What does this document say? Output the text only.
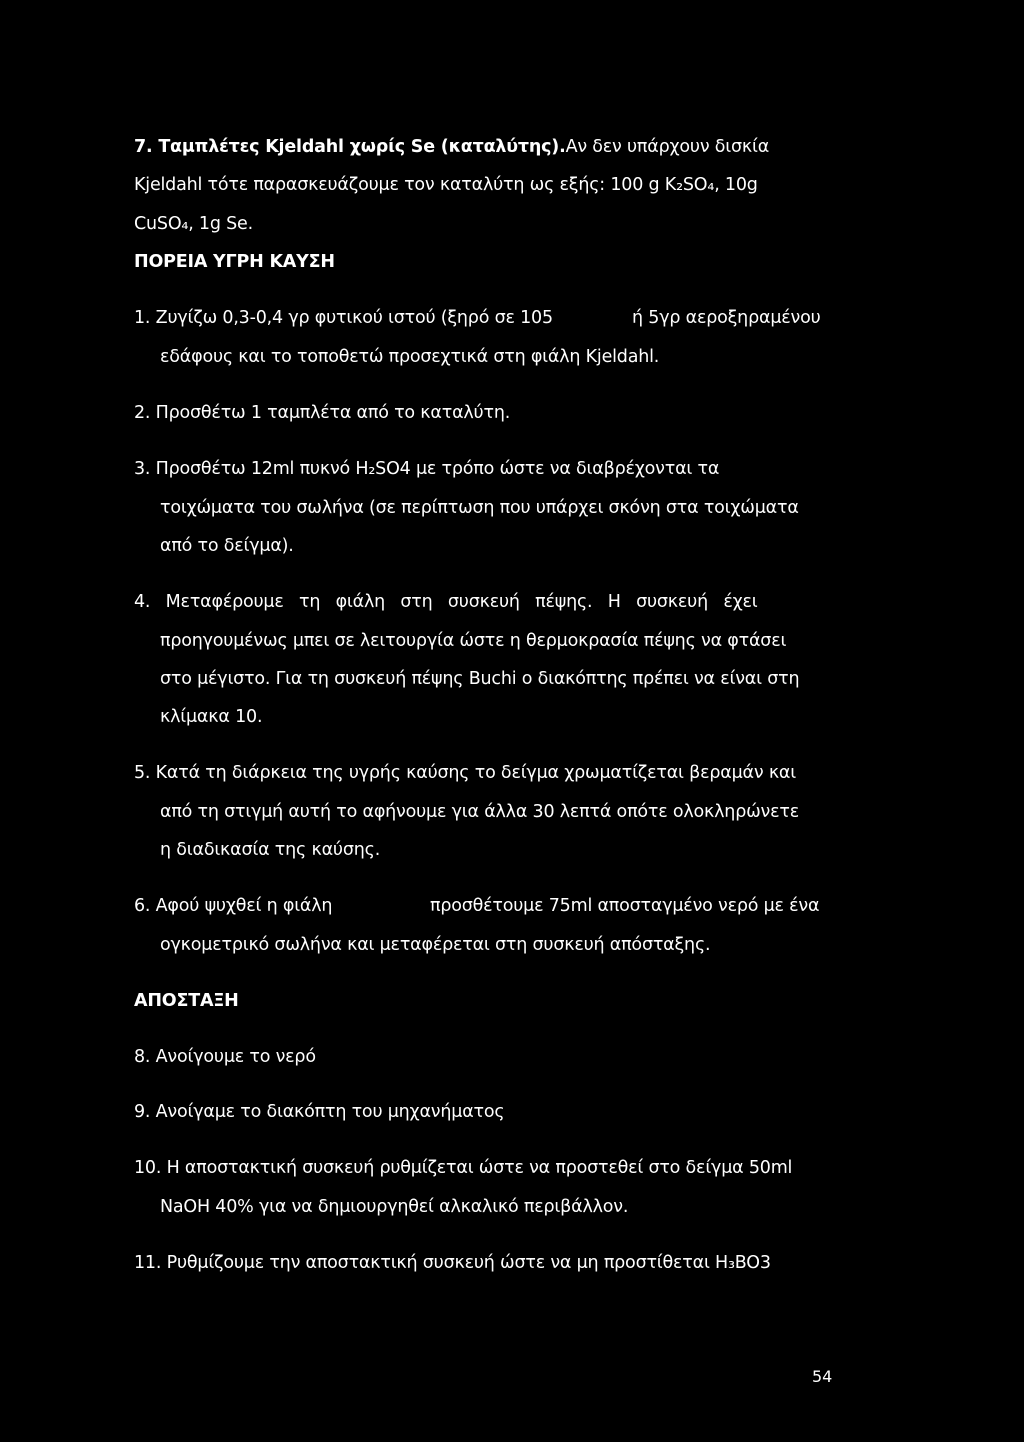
7. Ταμπλέτες Kjeldahl χωρίς Se (καταλύτης).Αν δεν υπάρχουν δισκία
Kjeldahl τότε παρασκευάζουμε τον καταλύτη ως εξής: 100 g K₂SO₄, 10g
CuSO₄, 1g Se.
ΠΟΡΕΙΑ ΥΓΡΗ ΚΑΥΣΗ
1. Ζυγίζω 0,3-0,4 γρ φυτικού ιστού (ξηρό σε 105	ή 5γρ αεροξηραμένου
εδάφους και το τοποθετώ προσεχτικά στη φιάλη Kjeldahl.
2. Προσθέτω 1 ταμπλέτα από το καταλύτη.
3. Προσθέτω 12ml πυκνό H₂SO4 με τρόπο ώστε να διαβρέχονται τα
τοιχώματα του σωλήνα (σε περίπτωση που υπάρχει σκόνη στα τοιχώματα
από το δείγμα).
4. Μεταφέρουμε τη φιάλη στη συσκευή πέψης. Η συσκευή έχει
προηγουμένως μπει σε λειτουργία ώστε η θερμοκρασία πέψης να φτάσει
στο μέγιστο. Για τη συσκευή πέψης Buchi ο διακόπτης πρέπει να είναι στη
κλίμακα 10.
5. Κατά τη διάρκεια της υγρής καύσης το δείγμα χρωματίζεται βεραμάν και
από τη στιγμή αυτή το αφήνουμε για άλλα 30 λεπτά οπότε ολοκληρώνετε
η διαδικασία της καύσης.
6. Αφού ψυχθεί η φιάλη	προσθέτουμε 75ml αποσταγμένο νερό με ένα
ογκομετρικό σωλήνα και μεταφέρεται στη συσκευή απόσταξης.
ΑΠΟΣΤΑΞΗ
8. Ανοίγουμε το νερό
9. Ανοίγαμε το διακόπτη του μηχανήματος
10. Η αποστακτική συσκευή ρυθμίζεται ώστε να προστεθεί στο δείγμα 50ml
NaOH 40% για να δημιουργηθεί αλκαλικό περιβάλλον.
11. Ρυθμίζουμε την αποστακτική συσκευή ώστε να μη προστίθεται H₃BO3
54
